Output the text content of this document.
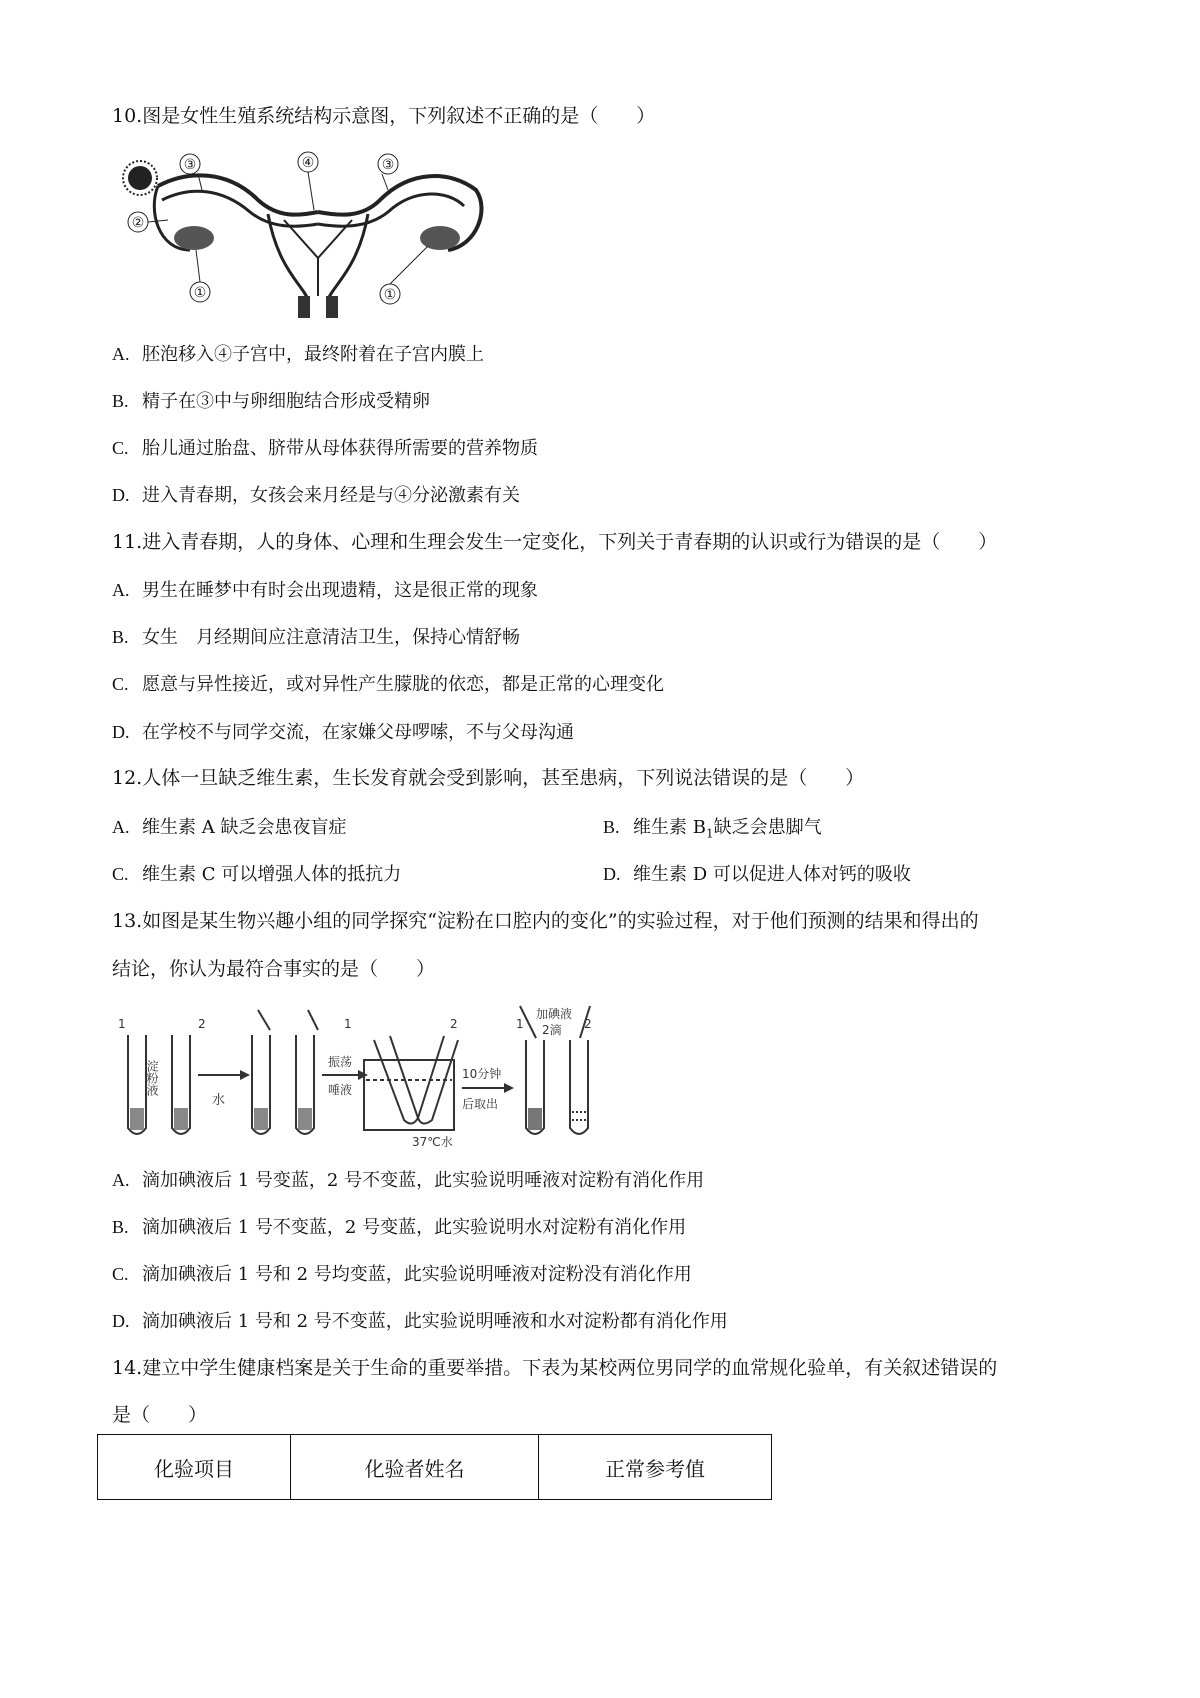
10.图是女性生殖系统结构示意图，下列叙述不正确的是（　　）
③
②
①
④	③
①
A. 胚泡移入④子宫中，最终附着在子宫内膜上
B. 精子在③中与卵细胞结合形成受精卵
C. 胎儿通过胎盘、脐带从母体获得所需要的营养物质
D. 进入青春期，女孩会来月经是与④分泌激素有关
11.进入青春期，人的身体、心理和生理会发生一定变化，下列关于青春期的认识或行为错误的是（　　）
A. 男生在睡梦中有时会出现遗精，这是很正常的现象
B. 女生　月经期间应注意清洁卫生，保持心情舒畅
C. 愿意与异性接近，或对异性产生朦胧的依恋，都是正常的心理变化
D. 在学校不与同学交流，在家嫌父母啰嗦，不与父母沟通
12.人体一旦缺乏维生素，生长发育就会受到影响，甚至患病，下列说法错误的是（　　）
A. 维生素 A 缺乏会患夜盲症	B. 维生素 $B_1$缺乏会患脚气
C. 维生素 C 可以增强人体的抵抗力	D. 维生素 D 可以促进人体对钙的吸收
13.如图是某生物兴趣小组的同学探究“淀粉在口腔内的变化”的实验过程，对于他们预测的结果和得出的
结论，你认为最符合事实的是（　　）
1	2
淀粉液
水
振荡
唾液
1	2
37℃水
10分钟
后取出
1	2
加碘液
2滴
A. 滴加碘液后 1 号变蓝，2 号不变蓝，此实验说明唾液对淀粉有消化作用
B. 滴加碘液后 1 号不变蓝，2 号变蓝，此实验说明水对淀粉有消化作用
C. 滴加碘液后 1 号和 2 号均变蓝，此实验说明唾液对淀粉没有消化作用
D. 滴加碘液后 1 号和 2 号不变蓝，此实验说明唾液和水对淀粉都有消化作用
14.建立中学生健康档案是关于生命的重要举措。下表为某校两位男同学的血常规化验单，有关叙述错误的
是（　　）
化验项目	化验者姓名	正常参考值
